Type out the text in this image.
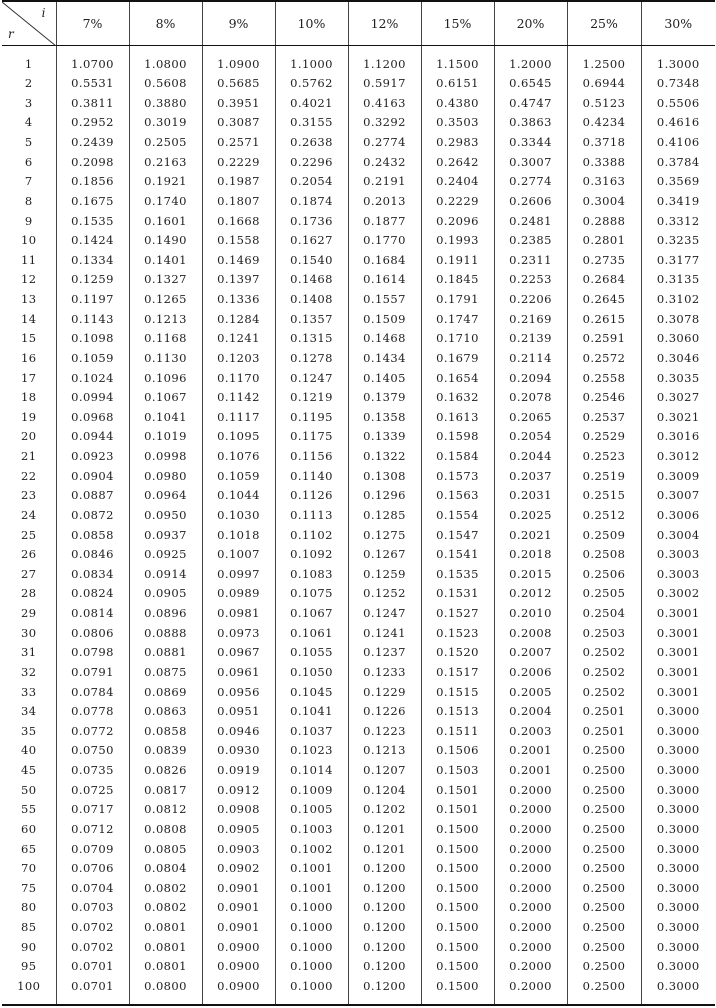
i
r	7%	8%	9%	10%	12%	15%	20%	25%	30%
1	1.0700	1.0800	1.0900	1.1000	1.1200	1.1500	1.2000	1.2500	1.3000
2	0.5531	0.5608	0.5685	0.5762	0.5917	0.6151	0.6545	0.6944	0.7348
3	0.3811	0.3880	0.3951	0.4021	0.4163	0.4380	0.4747	0.5123	0.5506
4	0.2952	0.3019	0.3087	0.3155	0.3292	0.3503	0.3863	0.4234	0.4616
5	0.2439	0.2505	0.2571	0.2638	0.2774	0.2983	0.3344	0.3718	0.4106
6	0.2098	0.2163	0.2229	0.2296	0.2432	0.2642	0.3007	0.3388	0.3784
7	0.1856	0.1921	0.1987	0.2054	0.2191	0.2404	0.2774	0.3163	0.3569
8	0.1675	0.1740	0.1807	0.1874	0.2013	0.2229	0.2606	0.3004	0.3419
9	0.1535	0.1601	0.1668	0.1736	0.1877	0.2096	0.2481	0.2888	0.3312
10	0.1424	0.1490	0.1558	0.1627	0.1770	0.1993	0.2385	0.2801	0.3235
11	0.1334	0.1401	0.1469	0.1540	0.1684	0.1911	0.2311	0.2735	0.3177
12	0.1259	0.1327	0.1397	0.1468	0.1614	0.1845	0.2253	0.2684	0.3135
13	0.1197	0.1265	0.1336	0.1408	0.1557	0.1791	0.2206	0.2645	0.3102
14	0.1143	0.1213	0.1284	0.1357	0.1509	0.1747	0.2169	0.2615	0.3078
15	0.1098	0.1168	0.1241	0.1315	0.1468	0.1710	0.2139	0.2591	0.3060
16	0.1059	0.1130	0.1203	0.1278	0.1434	0.1679	0.2114	0.2572	0.3046
17	0.1024	0.1096	0.1170	0.1247	0.1405	0.1654	0.2094	0.2558	0.3035
18	0.0994	0.1067	0.1142	0.1219	0.1379	0.1632	0.2078	0.2546	0.3027
19	0.0968	0.1041	0.1117	0.1195	0.1358	0.1613	0.2065	0.2537	0.3021
20	0.0944	0.1019	0.1095	0.1175	0.1339	0.1598	0.2054	0.2529	0.3016
21	0.0923	0.0998	0.1076	0.1156	0.1322	0.1584	0.2044	0.2523	0.3012
22	0.0904	0.0980	0.1059	0.1140	0.1308	0.1573	0.2037	0.2519	0.3009
23	0.0887	0.0964	0.1044	0.1126	0.1296	0.1563	0.2031	0.2515	0.3007
24	0.0872	0.0950	0.1030	0.1113	0.1285	0.1554	0.2025	0.2512	0.3006
25	0.0858	0.0937	0.1018	0.1102	0.1275	0.1547	0.2021	0.2509	0.3004
26	0.0846	0.0925	0.1007	0.1092	0.1267	0.1541	0.2018	0.2508	0.3003
27	0.0834	0.0914	0.0997	0.1083	0.1259	0.1535	0.2015	0.2506	0.3003
28	0.0824	0.0905	0.0989	0.1075	0.1252	0.1531	0.2012	0.2505	0.3002
29	0.0814	0.0896	0.0981	0.1067	0.1247	0.1527	0.2010	0.2504	0.3001
30	0.0806	0.0888	0.0973	0.1061	0.1241	0.1523	0.2008	0.2503	0.3001
31	0.0798	0.0881	0.0967	0.1055	0.1237	0.1520	0.2007	0.2502	0.3001
32	0.0791	0.0875	0.0961	0.1050	0.1233	0.1517	0.2006	0.2502	0.3001
33	0.0784	0.0869	0.0956	0.1045	0.1229	0.1515	0.2005	0.2502	0.3001
34	0.0778	0.0863	0.0951	0.1041	0.1226	0.1513	0.2004	0.2501	0.3000
35	0.0772	0.0858	0.0946	0.1037	0.1223	0.1511	0.2003	0.2501	0.3000
40	0.0750	0.0839	0.0930	0.1023	0.1213	0.1506	0.2001	0.2500	0.3000
45	0.0735	0.0826	0.0919	0.1014	0.1207	0.1503	0.2001	0.2500	0.3000
50	0.0725	0.0817	0.0912	0.1009	0.1204	0.1501	0.2000	0.2500	0.3000
55	0.0717	0.0812	0.0908	0.1005	0.1202	0.1501	0.2000	0.2500	0.3000
60	0.0712	0.0808	0.0905	0.1003	0.1201	0.1500	0.2000	0.2500	0.3000
65	0.0709	0.0805	0.0903	0.1002	0.1201	0.1500	0.2000	0.2500	0.3000
70	0.0706	0.0804	0.0902	0.1001	0.1200	0.1500	0.2000	0.2500	0.3000
75	0.0704	0.0802	0.0901	0.1001	0.1200	0.1500	0.2000	0.2500	0.3000
80	0.0703	0.0802	0.0901	0.1000	0.1200	0.1500	0.2000	0.2500	0.3000
85	0.0702	0.0801	0.0901	0.1000	0.1200	0.1500	0.2000	0.2500	0.3000
90	0.0702	0.0801	0.0900	0.1000	0.1200	0.1500	0.2000	0.2500	0.3000
95	0.0701	0.0801	0.0900	0.1000	0.1200	0.1500	0.2000	0.2500	0.3000
100	0.0701	0.0800	0.0900	0.1000	0.1200	0.1500	0.2000	0.2500	0.3000
